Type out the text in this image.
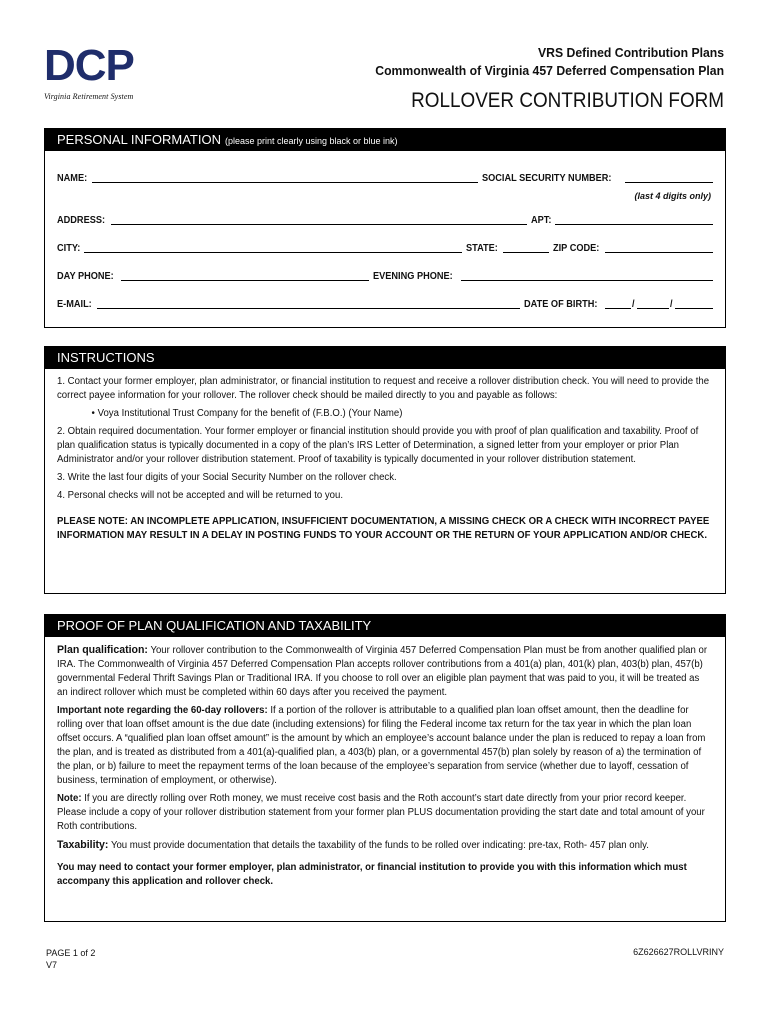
DCP
Virginia Retirement System
VRS Defined Contribution Plans
Commonwealth of Virginia 457 Deferred Compensation Plan
ROLLOVER CONTRIBUTION FORM
PERSONAL INFORMATION (please print clearly using black or blue ink)
NAME:	SOCIAL SECURITY NUMBER:
(last 4 digits only)
ADDRESS:	APT:
CITY:	STATE:	ZIP CODE:
DAY PHONE:	EVENING PHONE:
E-MAIL:	DATE OF BIRTH:	/	/
INSTRUCTIONS

1. Contact your former employer, plan administrator, or financial institution to request and receive a rollover distribution check. You will need to provide the correct payee information for your rollover. The rollover check should be mailed directly to you and payable as follows:

• Voya Institutional Trust Company for the benefit of (F.B.O.) (Your Name)

2. Obtain required documentation. Your former employer or financial institution should provide you with proof of plan qualification and taxability. Proof of plan qualification status is typically documented in a copy of the plan’s IRS Letter of Determination, a signed letter from your employer or prior Plan Administrator and/or your rollover distribution statement. Proof of taxability is typically documented in your rollover distribution statement.

3. Write the last four digits of your Social Security Number on the rollover check.

4. Personal checks will not be accepted and will be returned to you.

PLEASE NOTE: AN INCOMPLETE APPLICATION, INSUFFICIENT DOCUMENTATION, A MISSING CHECK OR A CHECK WITH INCORRECT PAYEE INFORMATION MAY RESULT IN A DELAY IN POSTING FUNDS TO YOUR ACCOUNT OR THE RETURN OF YOUR APPLICATION AND/OR CHECK.

PROOF OF PLAN QUALIFICATION AND TAXABILITY

Plan qualification: Your rollover contribution to the Commonwealth of Virginia 457 Deferred Compensation Plan must be from another qualified plan or IRA. The Commonwealth of Virginia 457 Deferred Compensation Plan accepts rollover contributions from a 401(a) plan, 401(k) plan, 403(b) plan, 457(b) governmental Federal Thrift Savings Plan or Traditional IRA. If you choose to roll over an eligible plan payment that was paid to you, it will be treated as an indirect rollover which must be completed within 60 days after you received the payment.

Important note regarding the 60-day rollovers: If a portion of the rollover is attributable to a qualified plan loan offset amount, then the deadline for rolling over that loan offset amount is the due date (including extensions) for filing the Federal income tax return for the tax year in which the plan loan offset occurs. A “qualified plan loan offset amount” is the amount by which an employee’s account balance under the plan is reduced to repay a loan from the plan, and is treated as distributed from a 401(a)-qualified plan, a 403(b) plan, or a governmental 457(b) plan solely by reason of a) the termination of the plan, or b) failure to meet the repayment terms of the loan because of the employee’s separation from service (whether due to layoff, cessation of business, termination of employment, or otherwise).

Note: If you are directly rolling over Roth money, we must receive cost basis and the Roth account’s start date directly from your prior record keeper. Please include a copy of your rollover distribution statement from your former plan PLUS documentation providing the start date and total amount of your Roth contributions.

Taxability: You must provide documentation that details the taxability of the funds to be rolled over indicating: pre-tax, Roth- 457 plan only.

You may need to contact your former employer, plan administrator, or financial institution to provide you with this information which must accompany this application and rollover check.

PAGE 1 of 2
V7
6Z626627ROLLVRINY
